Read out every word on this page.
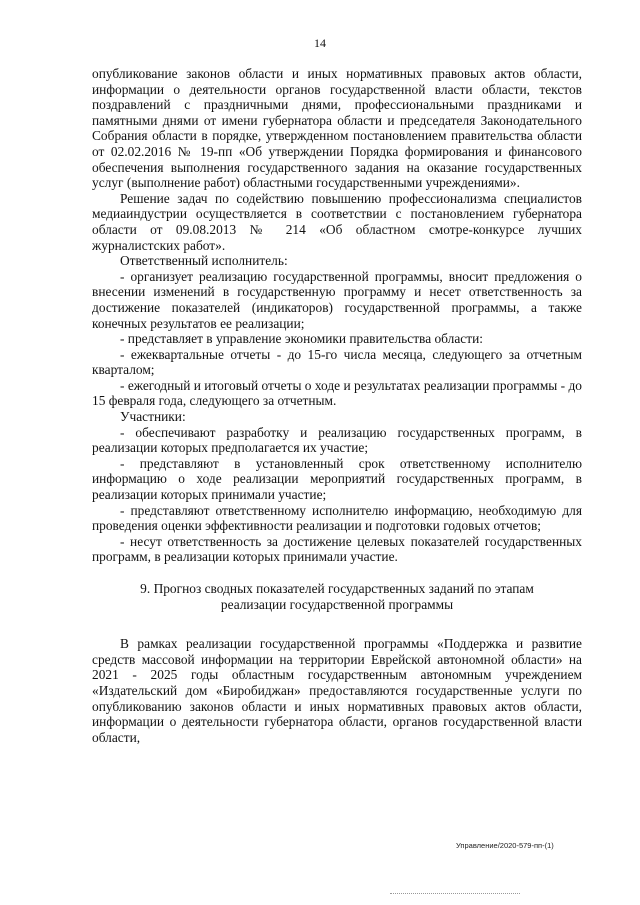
14

опубликование законов области и иных нормативных правовых актов области, информации о деятельности органов государственной власти области, текстов поздравлений с праздничными днями, профессиональными праздниками и памятными днями от имени губернатора области и председателя Законодательного Собрания области в порядке, утвержденном постановлением правительства области от 02.02.2016 № 19-пп «Об утверждении Порядка формирования и финансового обеспечения выполнения государственного задания на оказание государственных услуг (выполнение работ) областными государственными учреждениями».

Решение задач по содействию повышению профессионализма специалистов медиаиндустрии осуществляется в соответствии с постановлением губернатора области от 09.08.2013 № 214 «Об областном смотре-конкурсе лучших журналистских работ».

Ответственный исполнитель:

- организует реализацию государственной программы, вносит предложения о внесении изменений в государственную программу и несет ответственность за достижение показателей (индикаторов) государственной программы, а также конечных результатов ее реализации;

- представляет в управление экономики правительства области:

- ежеквартальные отчеты - до 15-го числа месяца, следующего за отчетным кварталом;

- ежегодный и итоговый отчеты о ходе и результатах реализации программы - до 15 февраля года, следующего за отчетным.

Участники:

- обеспечивают разработку и реализацию государственных программ, в реализации которых предполагается их участие;

- представляют в установленный срок ответственному исполнителю информацию о ходе реализации мероприятий государственных программ, в реализации которых принимали участие;

- представляют ответственному исполнителю информацию, необходимую для проведения оценки эффективности реализации и подготовки годовых отчетов;

- несут ответственность за достижение целевых показателей государственных программ, в реализации которых принимали участие.

9. Прогноз сводных показателей государственных заданий по этапам
реализации государственной программы

В рамках реализации государственной программы «Поддержка и развитие средств массовой информации на территории Еврейской автономной области» на 2021 - 2025 годы областным государственным автономным учреждением «Издательский дом «Биробиджан» предоставляются государственные услуги по опубликованию законов области и иных нормативных правовых актов области, информации о деятельности губернатора области, органов государственной власти области,

Управление/2020-579-пп-(1)
